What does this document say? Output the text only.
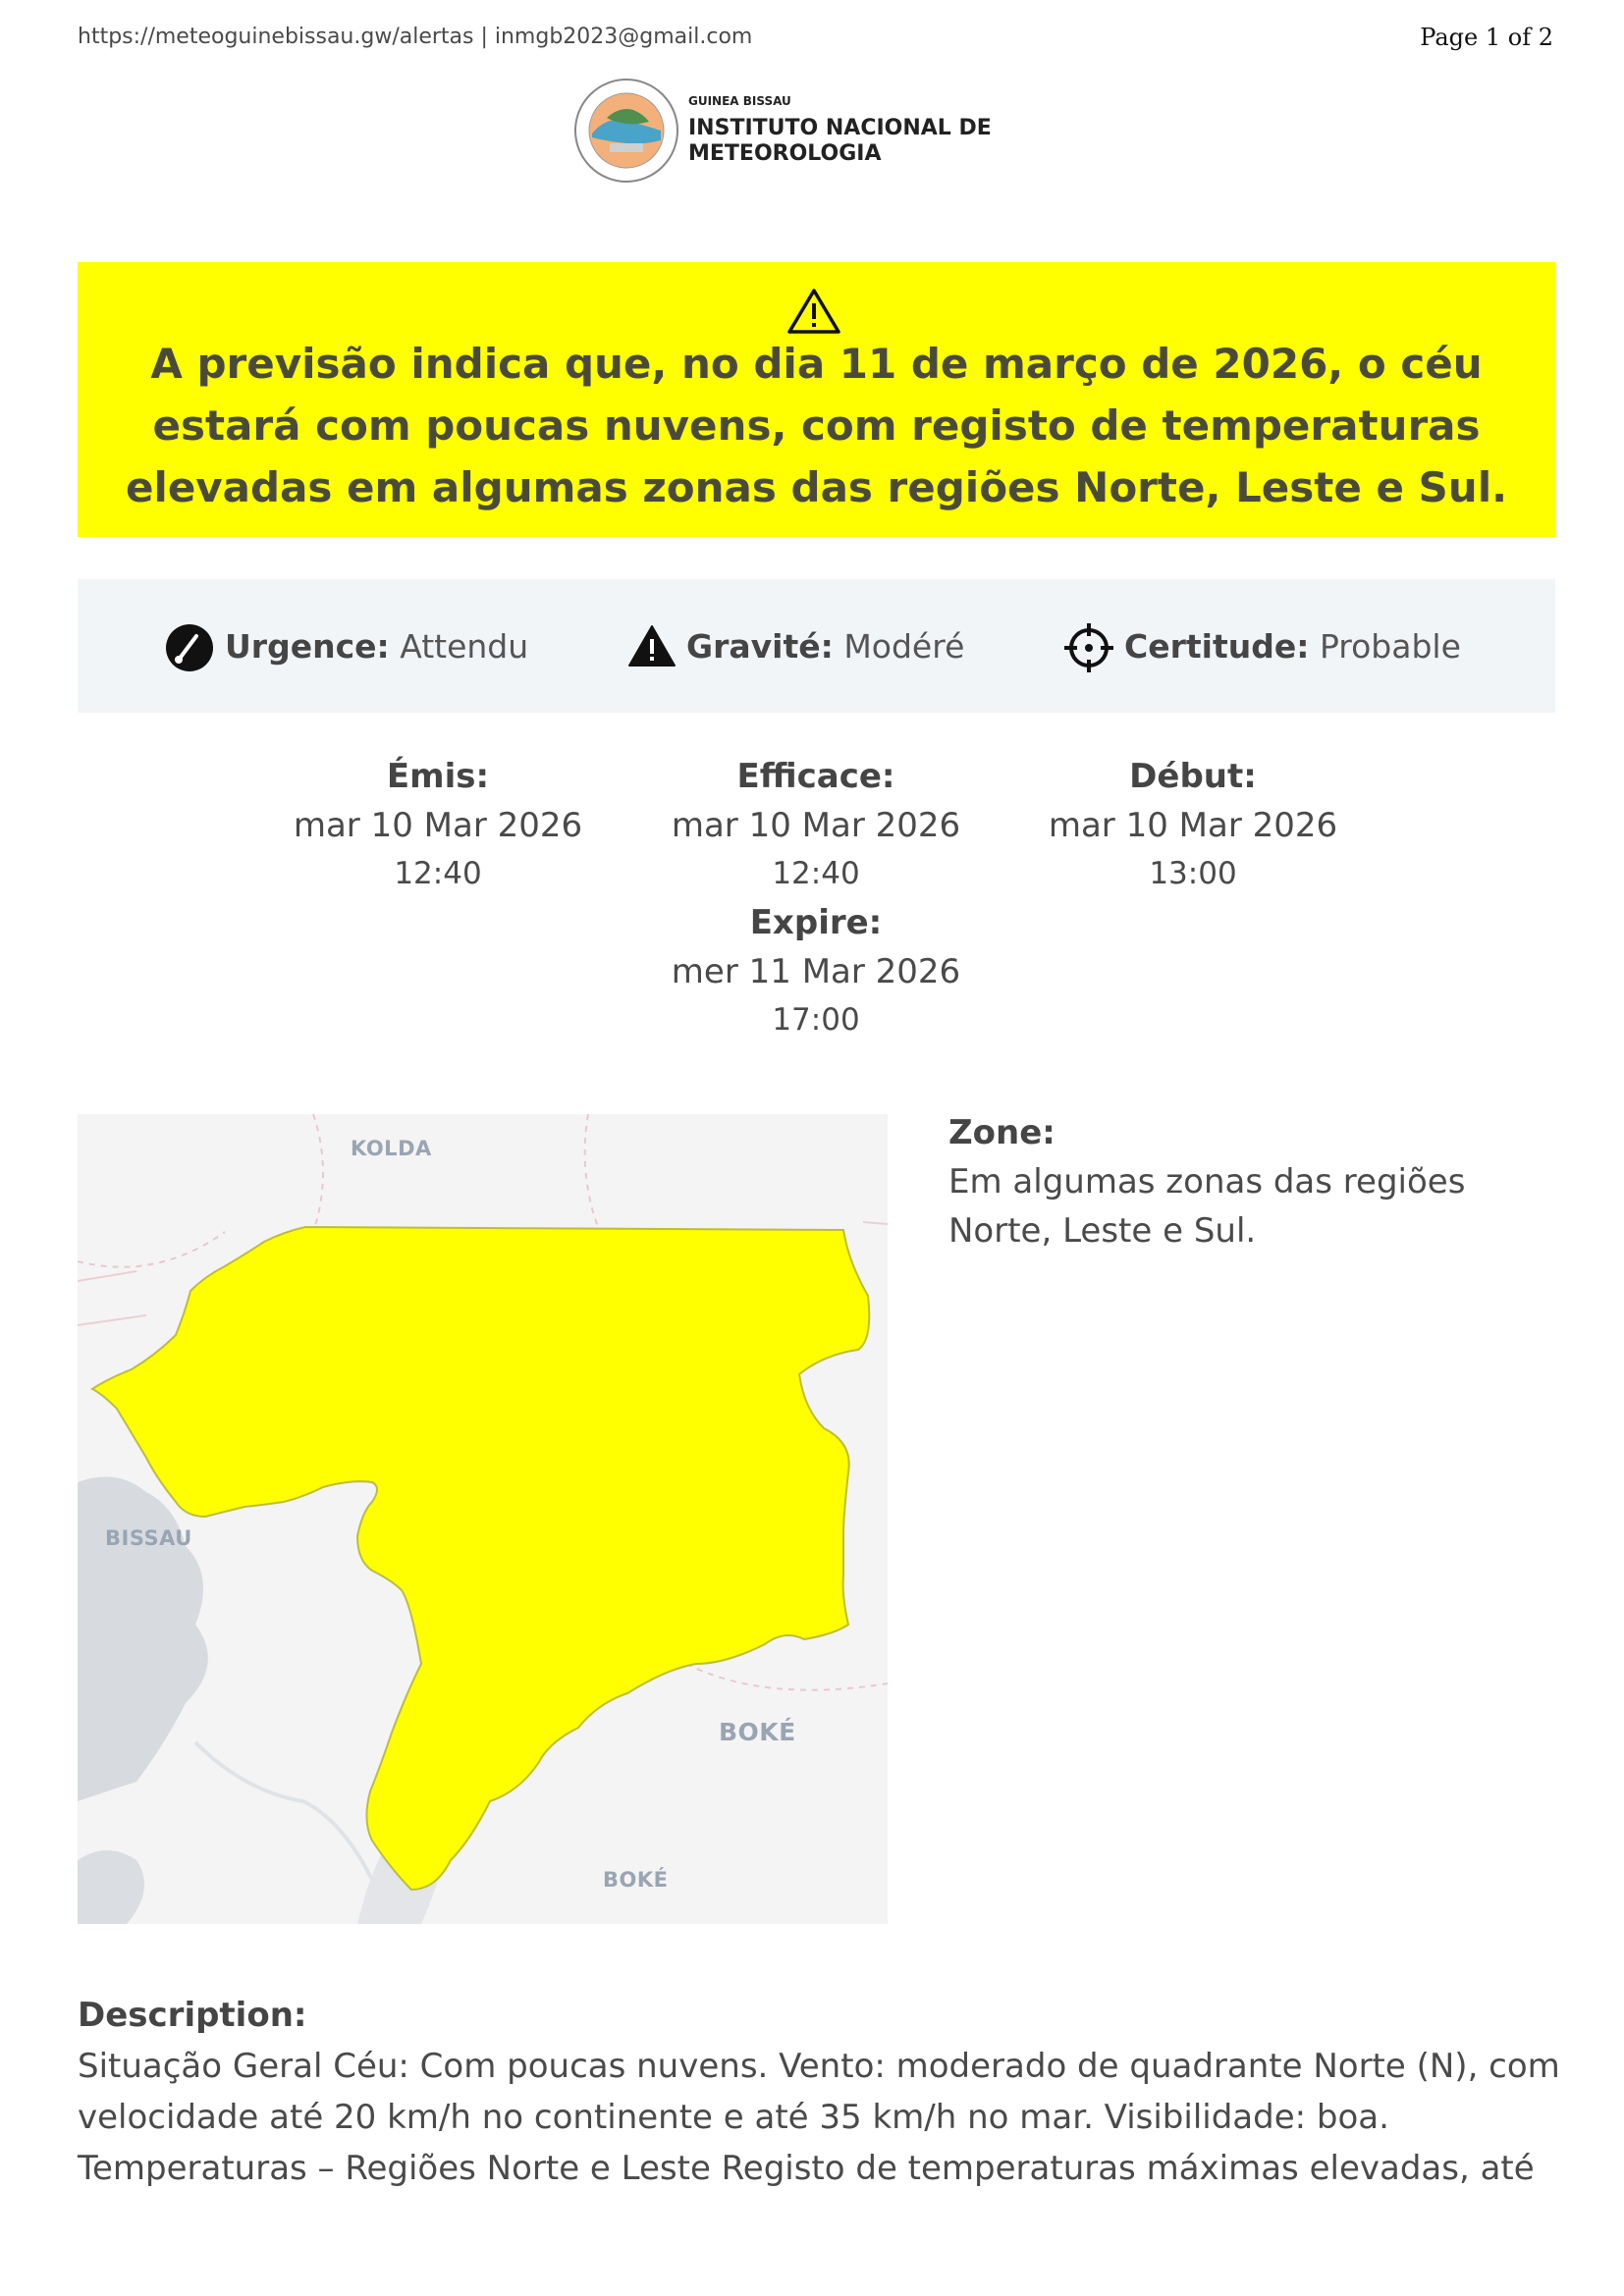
https://meteoguinebissau.gw/alertas | inmgb2023@gmail.com	Page 1 of 2
GUINEA BISSAU
INSTITUTO NACIONAL DE METEOROLOGIA
A previsão indica que, no dia 11 de março de 2026, o céu estará com poucas nuvens, com registo de temperaturas elevadas em algumas zonas das regiões Norte, Leste e Sul.
Urgence: Attendu	Gravité: Modéré	Certitude: Probable
Émis:
mar 10 Mar 2026
12:40
Efficace:
mar 10 Mar 2026
12:40
Début:
mar 10 Mar 2026
13:00
Expire:
mer 11 Mar 2026
17:00
KOLDA
BISSAU
BOKÉ
BOKÉ
Zone:
Em algumas zonas das regiões Norte, Leste e Sul.
Description:
Situação Geral Céu: Com poucas nuvens. Vento: moderado de quadrante Norte (N), com velocidade até 20 km/h no continente e até 35 km/h no mar. Visibilidade: boa. Temperaturas – Regiões Norte e Leste Registo de temperaturas máximas elevadas, até
